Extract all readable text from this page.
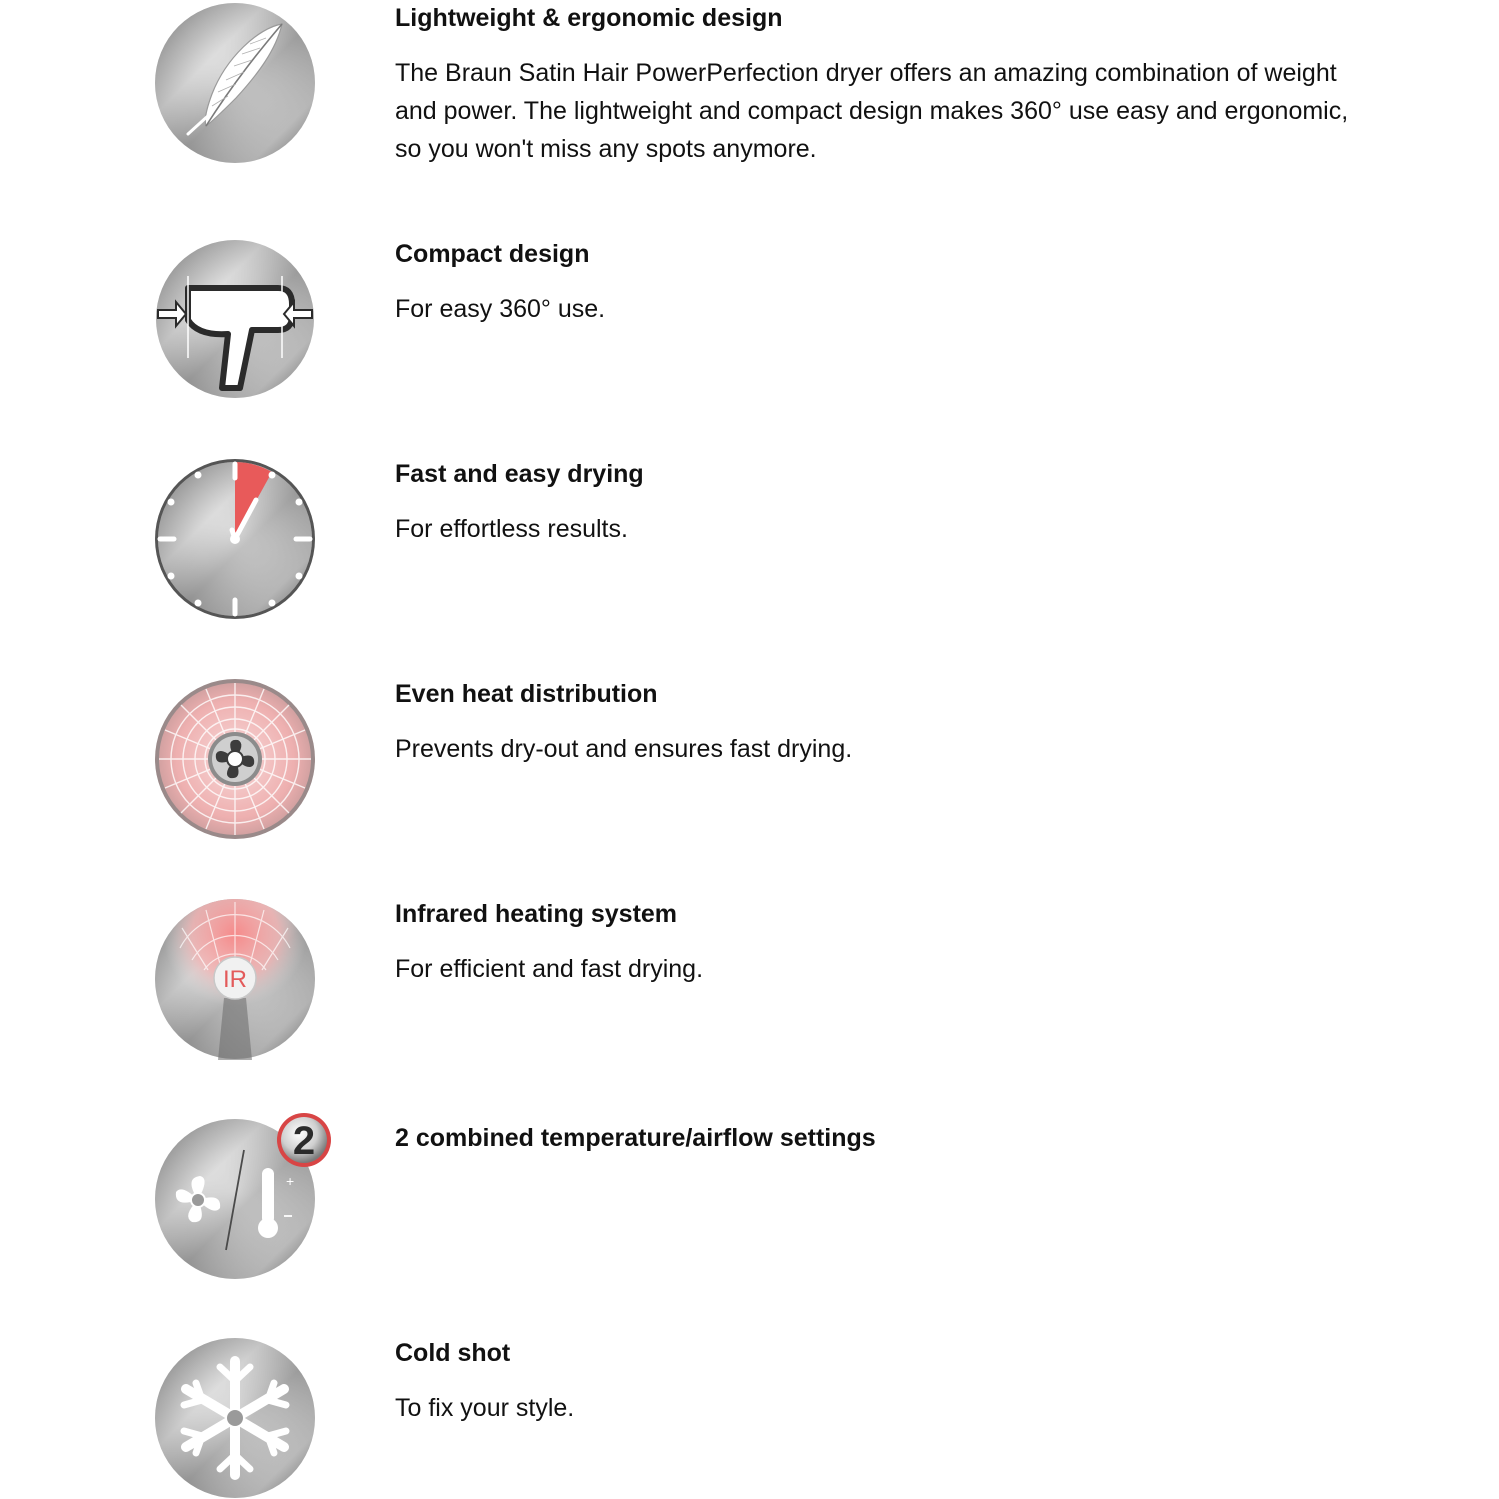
Lightweight & ergonomic design

The Braun Satin Hair PowerPerfection dryer offers an amazing combination of weight and power. The lightweight and compact design makes 360° use easy and ergonomic, so you won't miss any spots anymore.

Compact design

For easy 360° use.

Fast and easy drying

For effortless results.

Even heat distribution

Prevents dry-out and ensures fast drying.

IR
Infrared heating system

For efficient and fast drying.

+
2	2 combined temperature/airflow settings
Cold shot

To fix your style.
